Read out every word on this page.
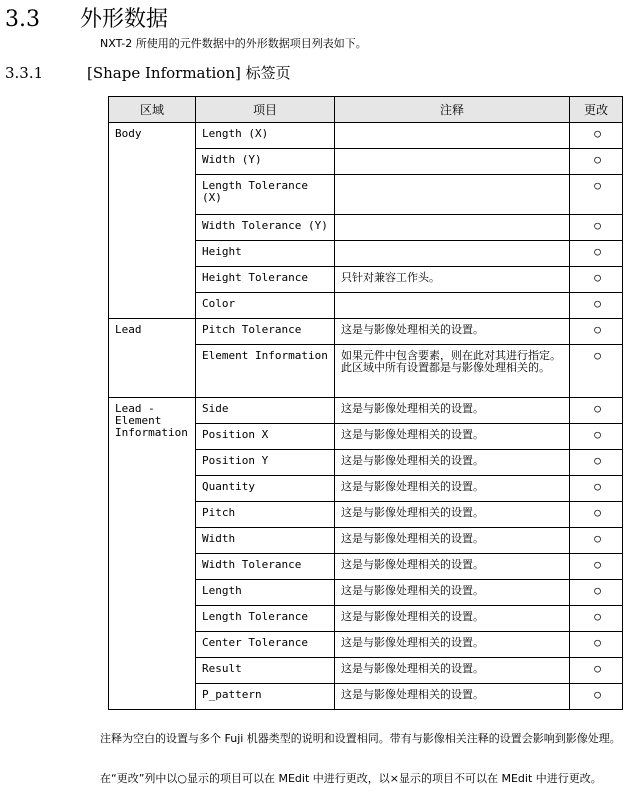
3.3 外形数据
NXT-2 所使用的元件数据中的外形数据项目列表如下。
3.3.1	[Shape Information] 标签页
区域	项目	注释	更改

Body	Length (X)		○

	Width (Y)		○

	Length Tolerance (X)		○

	Width Tolerance (Y)		○

	Height		○

	Height Tolerance	只针对兼容工作头。	○

	Color		○

Lead	Pitch Tolerance	这是与影像处理相关的设置。	○

	Element Information	如果元件中包含要素，则在此对其进行指定。此区域中所有设置都是与影像处理相关的。	○

Lead - Element Information	Side	这是与影像处理相关的设置。	○

	Position X	这是与影像处理相关的设置。	○

	Position Y	这是与影像处理相关的设置。	○

	Quantity	这是与影像处理相关的设置。	○

	Pitch	这是与影像处理相关的设置。	○

	Width	这是与影像处理相关的设置。	○

	Width Tolerance	这是与影像处理相关的设置。	○

	Length	这是与影像处理相关的设置。	○

	Length Tolerance	这是与影像处理相关的设置。	○

	Center Tolerance	这是与影像处理相关的设置。	○

	Result	这是与影像处理相关的设置。	○

	P_pattern	这是与影像处理相关的设置。	○
注释为空白的设置与多个 Fuji 机器类型的说明和设置相同。带有与影像相关注释的设置会影响到影像处理。
在“更改”列中以○显示的项目可以在 MEdit 中进行更改，以×显示的项目不可以在 MEdit 中进行更改。
